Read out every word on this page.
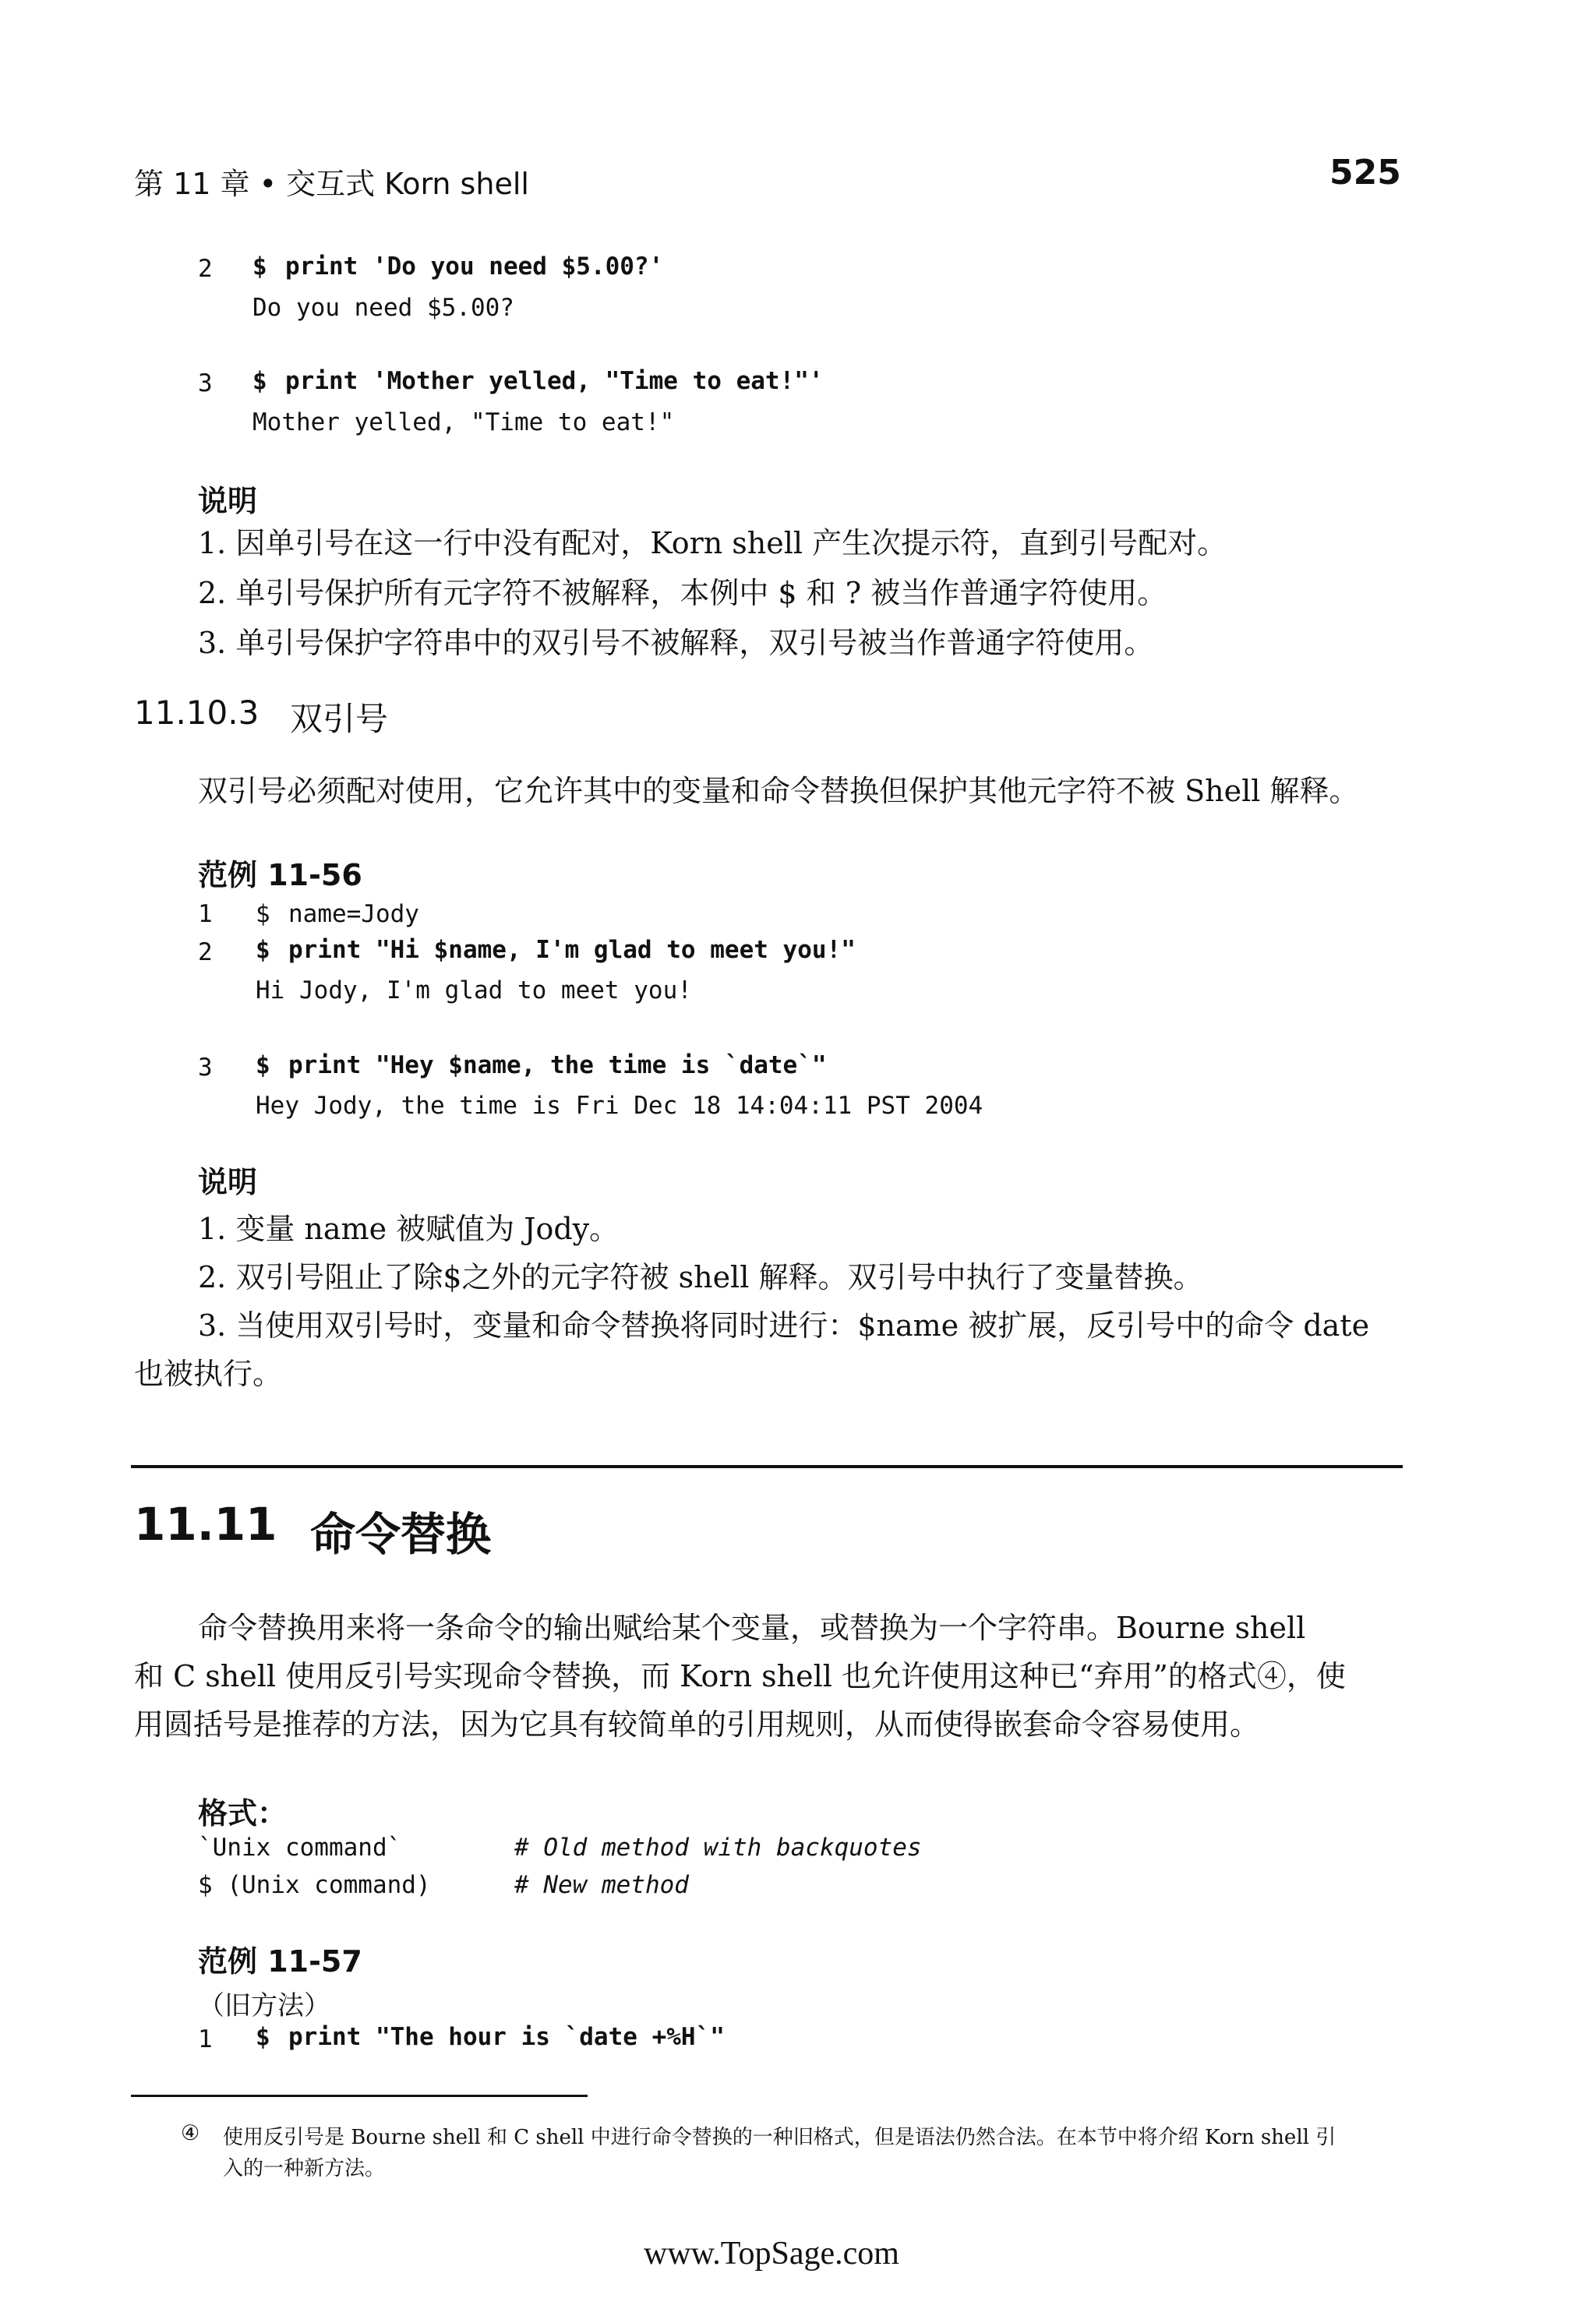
第 11 章 • 交互式 Korn shell	525
2 $ print 'Do you need $5.00?'
Do you need $5.00?
3 $ print 'Mother yelled, "Time to eat!"'
Mother yelled, "Time to eat!"
说明
1. 因单引号在这一行中没有配对，Korn shell 产生次提示符，直到引号配对。
2. 单引号保护所有元字符不被解释，本例中 $ 和 ? 被当作普通字符使用。
3. 单引号保护字符串中的双引号不被解释，双引号被当作普通字符使用。
11.10.3 双引号
双引号必须配对使用，它允许其中的变量和命令替换但保护其他元字符不被 Shell 解释。
范例 11-56
1 $ name=Jody
2 $ print "Hi $name, I'm glad to meet you!"
Hi Jody, I'm glad to meet you!
3 $ print "Hey $name, the time is `date`"
Hey Jody, the time is Fri Dec 18 14:04:11 PST 2004
说明
1. 变量 name 被赋值为 Jody。
2. 双引号阻止了除$之外的元字符被 shell 解释。双引号中执行了变量替换。
3. 当使用双引号时，变量和命令替换将同时进行：$name 被扩展，反引号中的命令 date
也被执行。
11.11 命令替换
命令替换用来将一条命令的输出赋给某个变量，或替换为一个字符串。Bourne shell
和 C shell 使用反引号实现命令替换，而 Korn shell 也允许使用这种已“弃用”的格式④，使
用圆括号是推荐的方法，因为它具有较简单的引用规则，从而使得嵌套命令容易使用。
格式：
`Unix command`	# Old method with backquotes
$ (Unix command)	# New method
范例 11-57
（旧方法）
1 $ print "The hour is `date +%H`"
④ 使用反引号是 Bourne shell 和 C shell 中进行命令替换的一种旧格式，但是语法仍然合法。在本节中将介绍 Korn shell 引
入的一种新方法。
www.TopSage.com
